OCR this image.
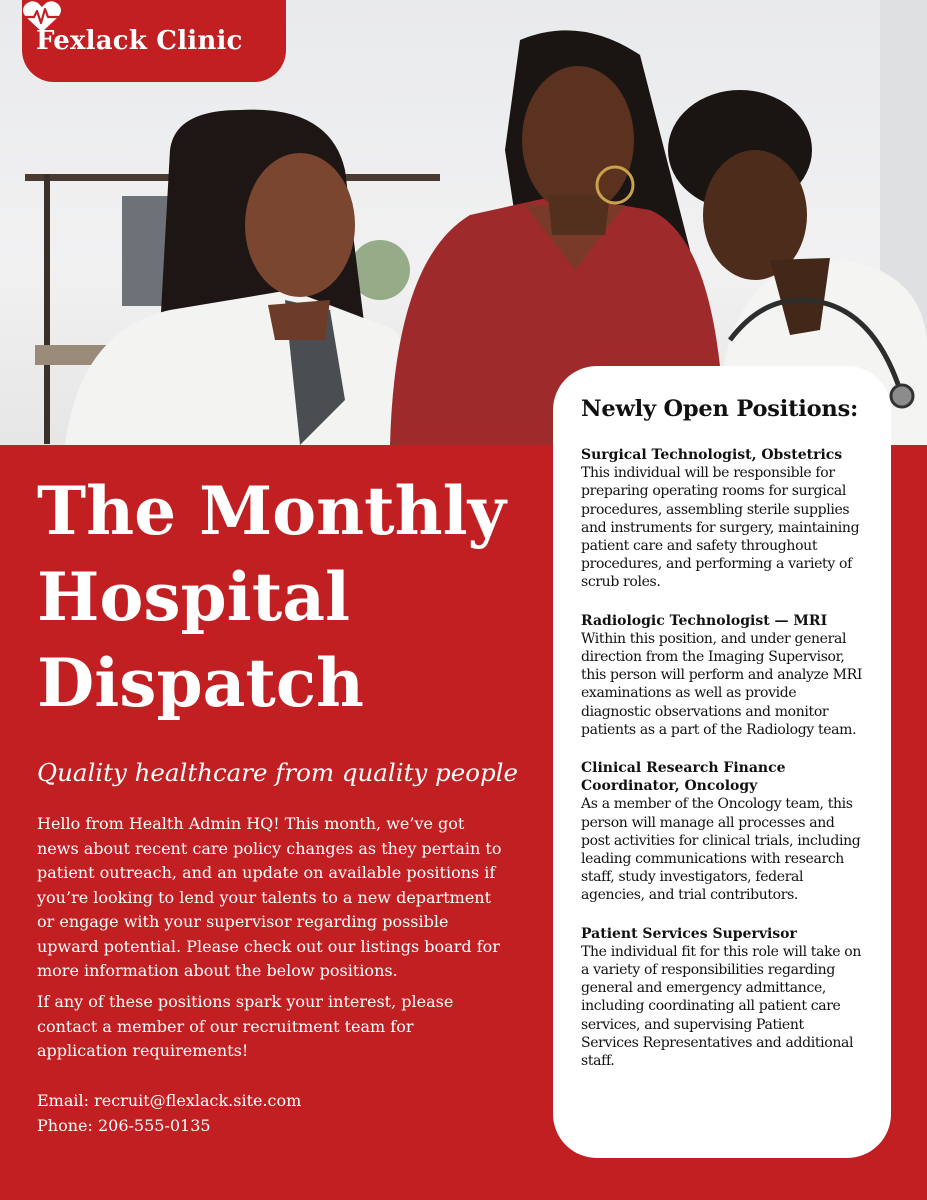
Fexlack Clinic
The Monthly
Hospital
Dispatch

Quality healthcare from quality people

Hello from Health Admin HQ! This month, we’ve got news about recent care policy changes as they pertain to patient outreach, and an update on available positions if you’re looking to lend your talents to a new department or engage with your supervisor regarding possible upward potential. Please check out our listings board for more information about the below positions.

If any of these positions spark your interest, please contact a member of our recruitment team for application requirements!

Email: recruit@flexlack.site.com
Phone: 206-555-0135
Newly Open Positions:

Surgical Technologist, Obstetrics

This individual will be responsible for preparing operating rooms for surgical procedures, assembling sterile supplies and instruments for surgery, maintaining patient care and safety throughout procedures, and performing a variety of scrub roles.

Radiologic Technologist — MRI

Within this position, and under general direction from the Imaging Supervisor, this person will perform and analyze MRI examinations as well as provide diagnostic observations and monitor patients as a part of the Radiology team.

Clinical Research Finance Coordinator, Oncology

As a member of the Oncology team, this person will manage all processes and post activities for clinical trials, including leading communications with research staff, study investigators, federal agencies, and trial contributors.

Patient Services Supervisor

The individual fit for this role will take on a variety of responsibilities regarding general and emergency admittance, including coordinating all patient care services, and supervising Patient Services Representatives and additional staff.
